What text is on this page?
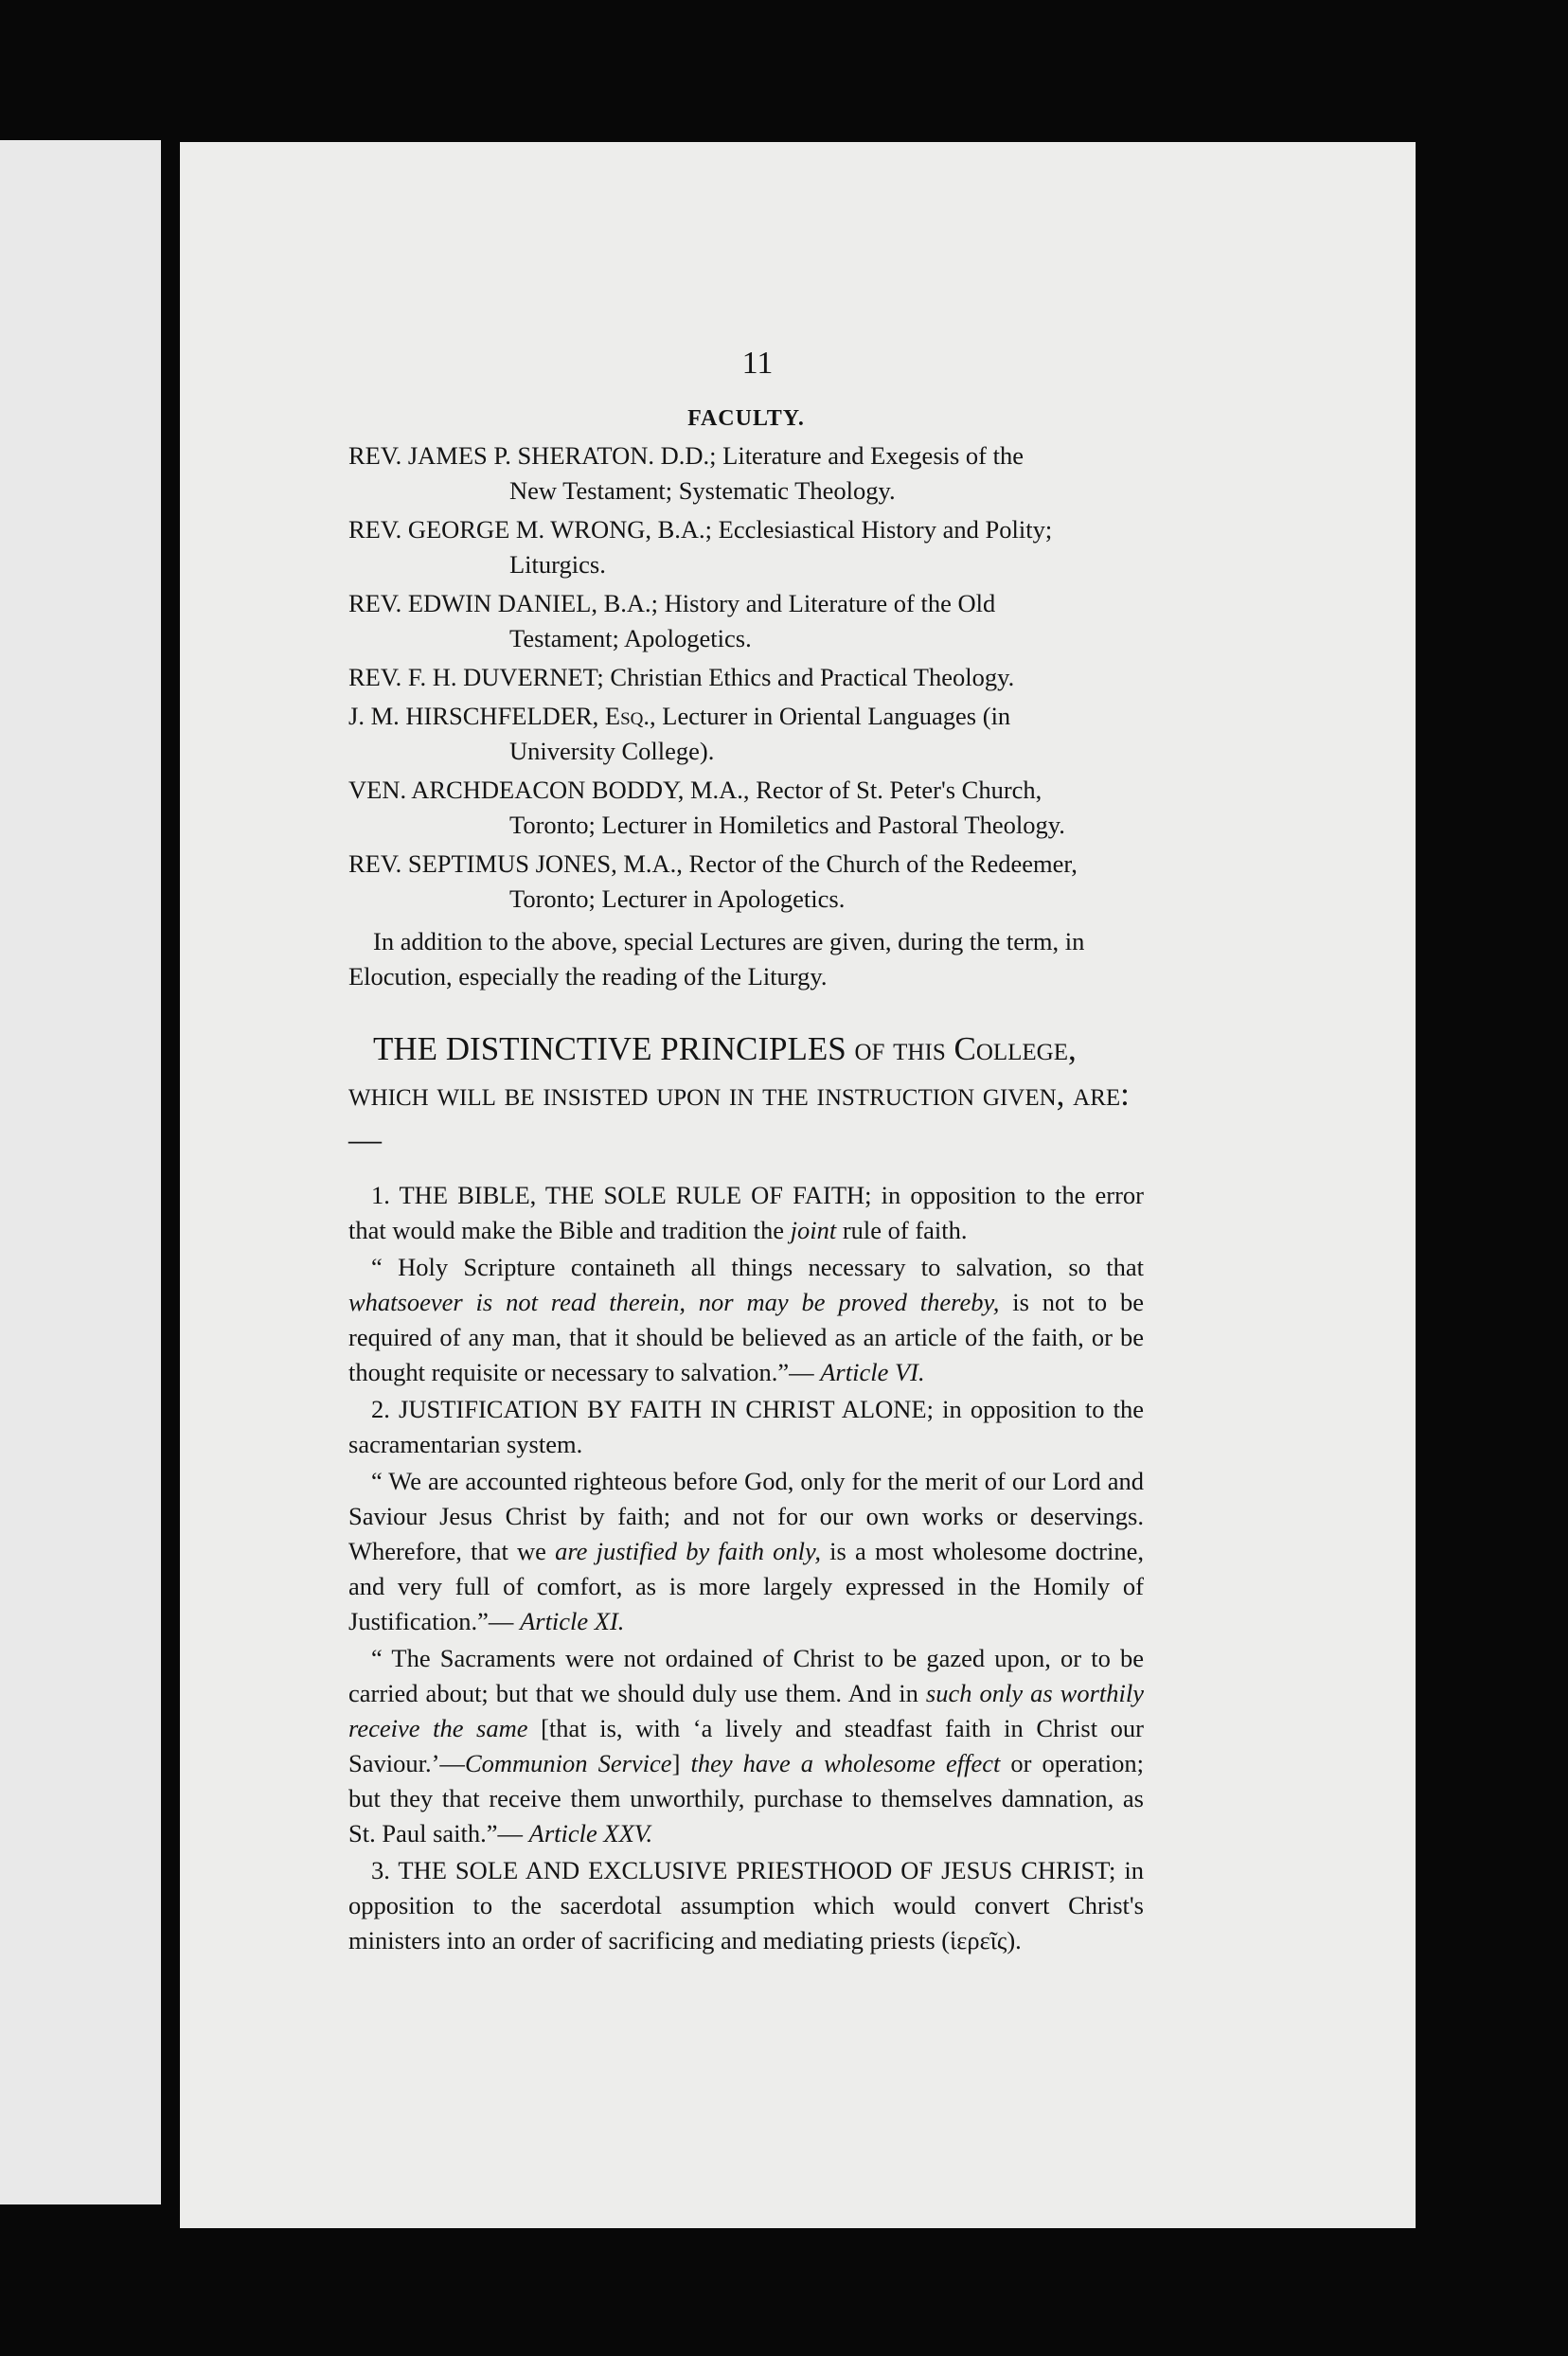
11
FACULTY.

REV. JAMES P. SHERATON. D.D.; Literature and Exegesis of the
New Testament; Systematic Theology.

REV. GEORGE M. WRONG, B.A.; Ecclesiastical History and Polity;
Liturgics.

REV. EDWIN DANIEL, B.A.; History and Literature of the Old
Testament; Apologetics.

REV. F. H. DUVERNET; Christian Ethics and Practical Theology.

J. M. HIRSCHFELDER, Esq., Lecturer in Oriental Languages (in
University College).

VEN. ARCHDEACON BODDY, M.A., Rector of St. Peter's Church,
Toronto; Lecturer in Homiletics and Pastoral Theology.

REV. SEPTIMUS JONES, M.A., Rector of the Church of the Redeemer,
Toronto; Lecturer in Apologetics.

In addition to the above, special Lectures are given, during the term, in Elocution, especially the reading of the Liturgy.

THE DISTINCTIVE PRINCIPLES of this College, which will be insisted upon in the instruction given, are:—

1. THE BIBLE, THE SOLE RULE OF FAITH; in opposition to the error that would make the Bible and tradition the joint rule of faith.

“ Holy Scripture containeth all things necessary to salvation, so that whatsoever is not read therein, nor may be proved thereby, is not to be required of any man, that it should be believed as an article of the faith, or be thought requisite or necessary to salvation.”— Article VI.

2. JUSTIFICATION BY FAITH IN CHRIST ALONE; in opposition to the sacramentarian system.

“ We are accounted righteous before God, only for the merit of our Lord and Saviour Jesus Christ by faith; and not for our own works or deservings. Wherefore, that we are justified by faith only, is a most wholesome doctrine, and very full of comfort, as is more largely expressed in the Homily of Justification.”— Article XI.

“ The Sacraments were not ordained of Christ to be gazed upon, or to be carried about; but that we should duly use them. And in such only as worthily receive the same [that is, with ‘a lively and steadfast faith in Christ our Saviour.’—Communion Service] they have a wholesome effect or operation; but they that receive them unworthily, purchase to themselves damnation, as St. Paul saith.”— Article XXV.

3. THE SOLE AND EXCLUSIVE PRIESTHOOD OF JESUS CHRIST; in opposition to the sacerdotal assumption which would convert Christ's ministers into an order of sacrificing and mediating priests (ἱερεῖς).
